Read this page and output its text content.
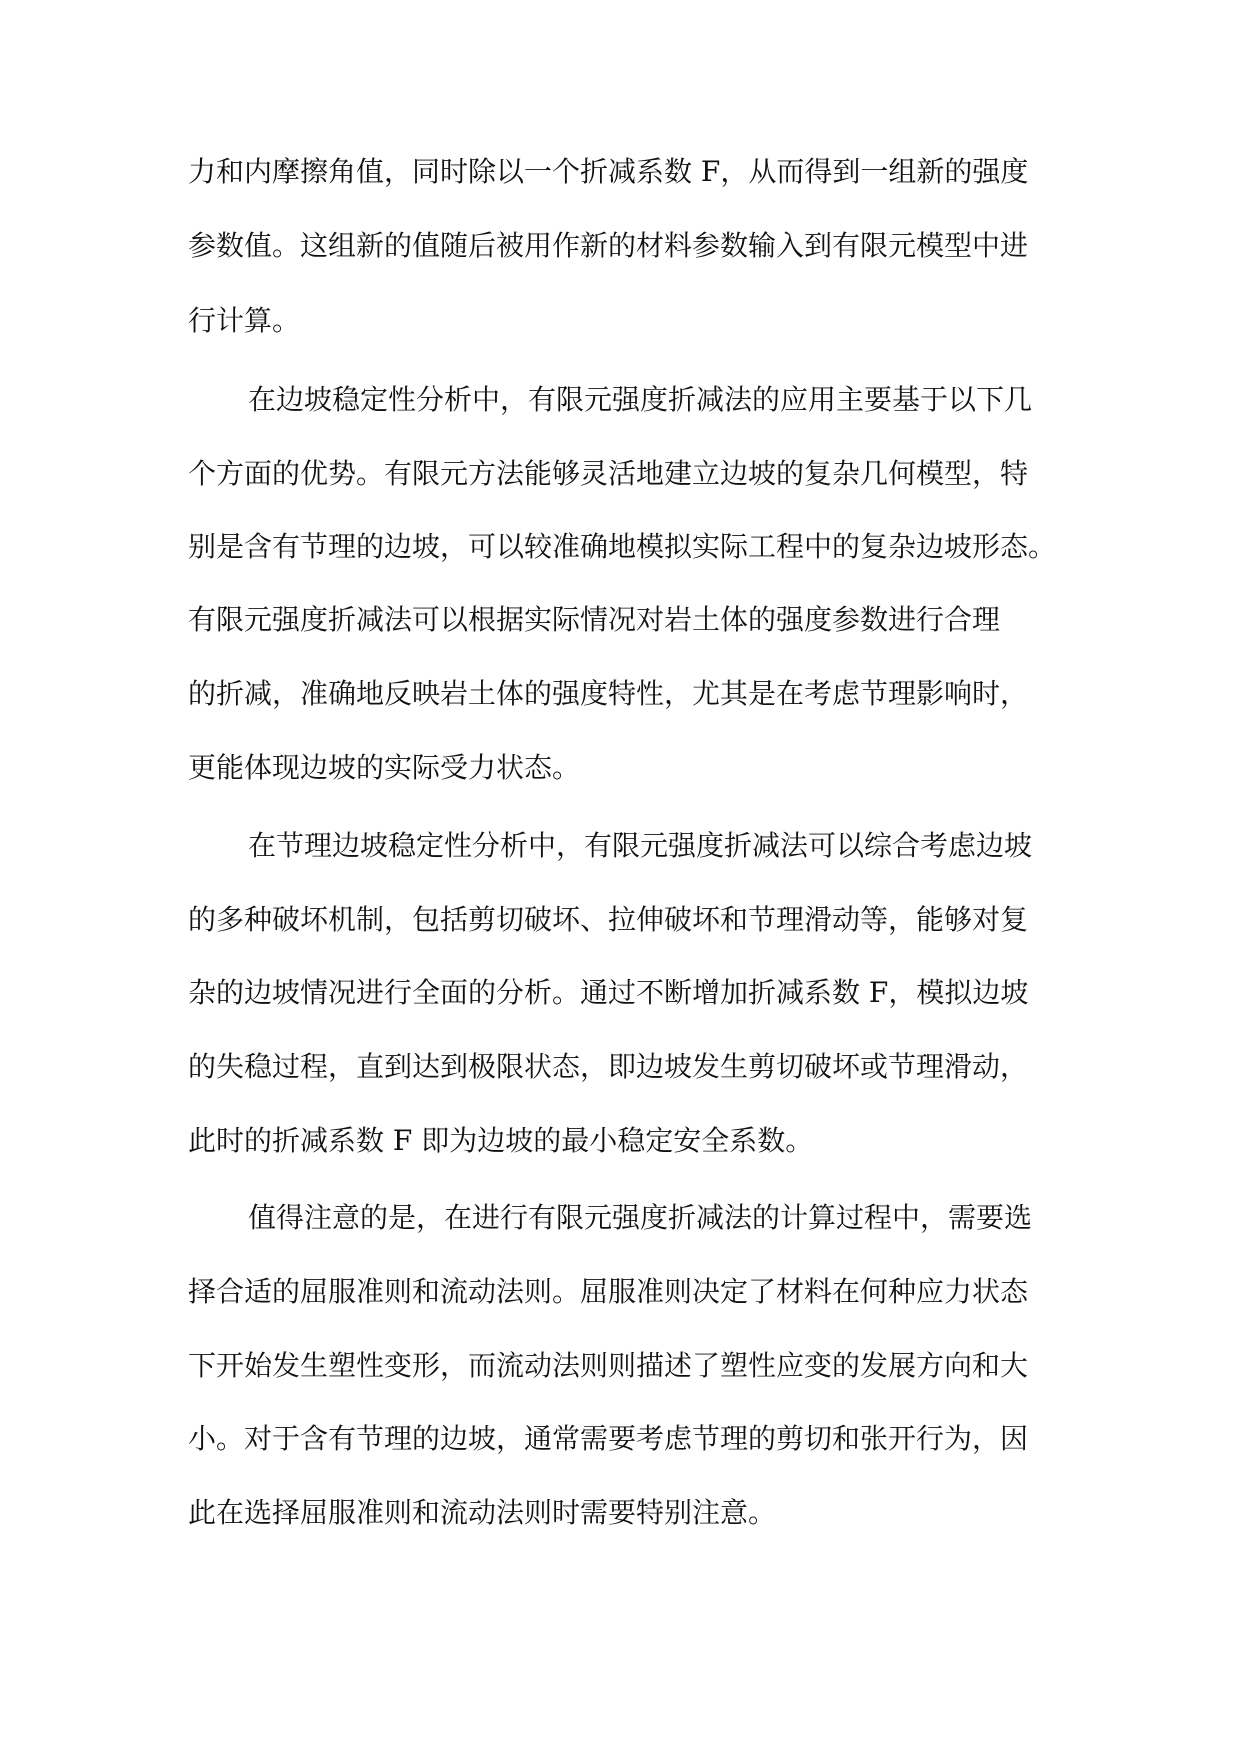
力和内摩擦角值，同时除以一个折减系数 F，从而得到一组新的强度
参数值。这组新的值随后被用作新的材料参数输入到有限元模型中进
行计算。
在边坡稳定性分析中，有限元强度折减法的应用主要基于以下几
个方面的优势。有限元方法能够灵活地建立边坡的复杂几何模型，特
别是含有节理的边坡，可以较准确地模拟实际工程中的复杂边坡形态。
有限元强度折减法可以根据实际情况对岩土体的强度参数进行合理
的折减，准确地反映岩土体的强度特性，尤其是在考虑节理影响时，
更能体现边坡的实际受力状态。
在节理边坡稳定性分析中，有限元强度折减法可以综合考虑边坡
的多种破坏机制，包括剪切破坏、拉伸破坏和节理滑动等，能够对复
杂的边坡情况进行全面的分析。通过不断增加折减系数 F，模拟边坡
的失稳过程，直到达到极限状态，即边坡发生剪切破坏或节理滑动，
此时的折减系数 F 即为边坡的最小稳定安全系数。
值得注意的是，在进行有限元强度折减法的计算过程中，需要选
择合适的屈服准则和流动法则。屈服准则决定了材料在何种应力状态
下开始发生塑性变形，而流动法则则描述了塑性应变的发展方向和大
小。对于含有节理的边坡，通常需要考虑节理的剪切和张开行为，因
此在选择屈服准则和流动法则时需要特别注意。
